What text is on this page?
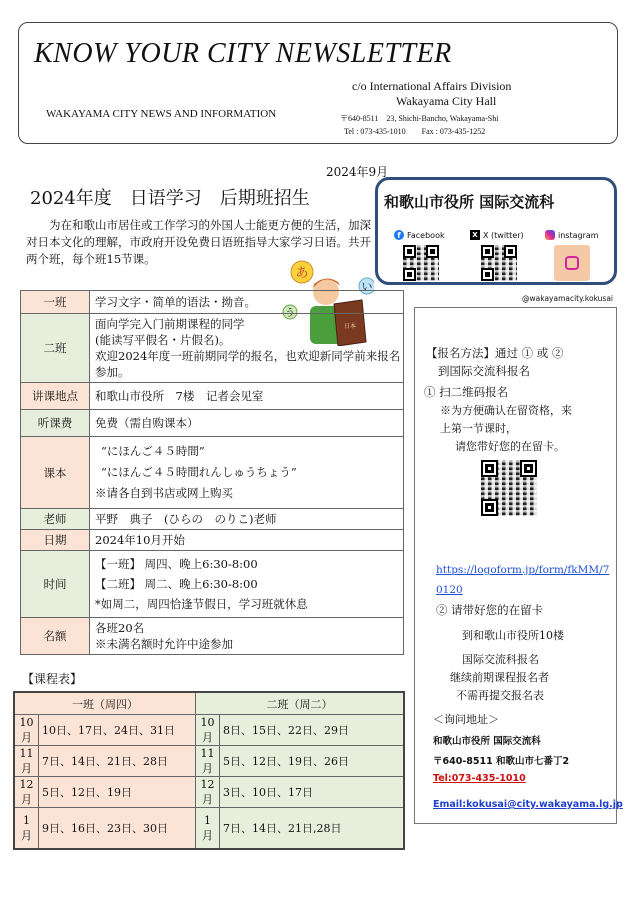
KNOW YOUR CITY NEWSLETTER
WAKAYAMA CITY NEWS AND INFORMATION
c/o International Affairs Division
Wakayama City Hall
〒640-8511　23, Shichi-Bancho, Wakayama-Shi
Tel : 073-435-1010　　Fax : 073-435-1252
2024年9月
2024年度　日语学习　后期班招生
为在和歌山市居住或工作学习的外国人士能更方便的生活，加深对日本文化的理解，市政府开设免费日语班指导大家学习日语。共开两个班，每个班15节课。
あ
い
う
日本
和歌山市役所 国际交流科
f Facebook	X X (twitter)	instagram
@wakayamacity.kokusai
一班	学习文字・简单的语法・拗音。
二班	面向学完入门前期课程的同学
(能读写平假名・片假名)。
欢迎2024年度一班前期同学的报名，也欢迎新同学前来报名参加。

讲课地点	和歌山市役所　7楼　记者会见室
听课费	免费（需自购课本）
课本	“にほんご４５時間”
“にほんご４５時間れんしゅうちょう”
※请各自到书店或网上购买

老师	平野　典子　(ひらの　のりこ)老师
日期	2024年10月开始
时间	【一班】 周四、晚上6:30-8:00
【二班】 周二、晚上6:30-8:00
*如周二，周四恰逢节假日，学习班就休息

名额	各班20名
※未满名额时允许中途参加
【报名方法】通过 ① 或 ②
到国际交流科报名
① 扫二维码报名
※为方便确认在留资格，来
上第一节课时，
请您带好您的在留卡。
https://logoform.jp/form/fkMM/70120
② 请带好您的在留卡
到和歌山市役所10楼
国际交流科报名
继续前期课程报名者
不需再提交报名表
＜询问地址＞
和歌山市役所 国际交流科
〒640-8511 和歌山市七番丁2
Tel:073-435-1010
Email:kokusai@city.wakayama.lg.jp
【课程表】
一班（周四）		二班（周二）	
10月	10日、17日、24日、31日	10月	8日、15日、22日、29日
11月	7日、14日、21日、28日	11月	5日、12日、19日、26日
12月	5日、12日、19日	12月	3日、10日、17日
1月	9日、16日、23日、30日	1月	7日、14日、21日,28日
